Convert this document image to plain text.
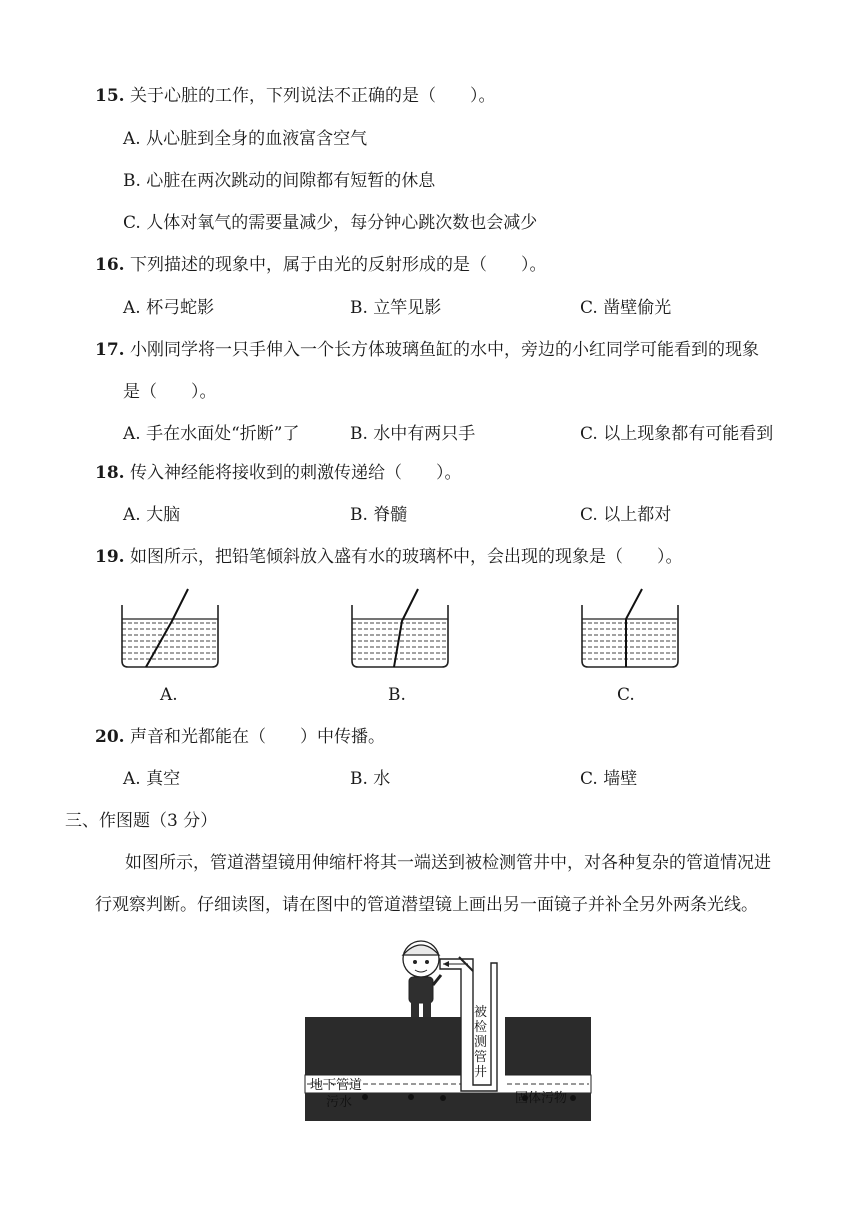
15. 关于心脏的工作，下列说法不正确的是（　　）。
A. 从心脏到全身的血液富含空气
B. 心脏在两次跳动的间隙都有短暂的休息
C. 人体对氧气的需要量减少，每分钟心跳次数也会减少
16. 下列描述的现象中，属于由光的反射形成的是（　　）。
A. 杯弓蛇影	B. 立竿见影	C. 凿壁偷光
17. 小刚同学将一只手伸入一个长方体玻璃鱼缸的水中，旁边的小红同学可能看到的现象
是（　　）。
A. 手在水面处“折断”了	B. 水中有两只手	C. 以上现象都有可能看到
18. 传入神经能将接收到的刺激传递给（　　）。
A. 大脑	B. 脊髓	C. 以上都对
19. 如图所示，把铅笔倾斜放入盛有水的玻璃杯中，会出现的现象是（　　）。
A.	B.	C.
20. 声音和光都能在（　　）中传播。
A. 真空	B. 水	C. 墙壁
三、作图题（3 分）
如图所示，管道潜望镜用伸缩杆将其一端送到被检测管井中，对各种复杂的管道情况进
行观察判断。仔细读图，请在图中的管道潜望镜上画出另一面镜子并补全另外两条光线。
被检测管井
地下管道
污水	固体污物
